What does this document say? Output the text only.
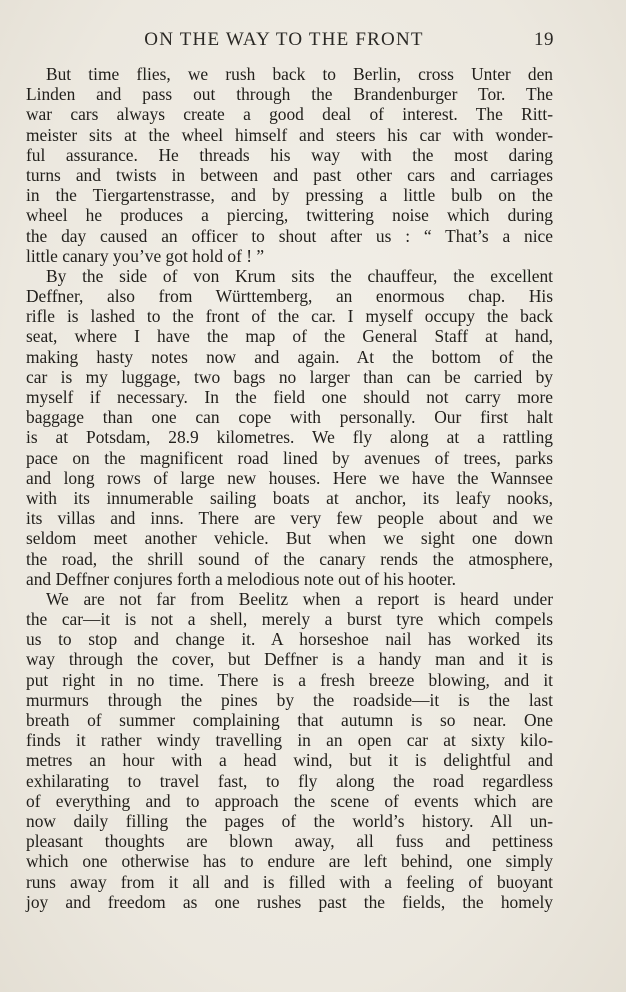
ON THE WAY TO THE FRONT	19
But time flies, we rush back to Berlin, cross Unter den
Linden and pass out through the Brandenburger Tor. The
war cars always create a good deal of interest. The Ritt-
meister sits at the wheel himself and steers his car with wonder-
ful assurance. He threads his way with the most daring
turns and twists in between and past other cars and carriages
in the Tiergartenstrasse, and by pressing a little bulb on the
wheel he produces a piercing, twittering noise which during
the day caused an officer to shout after us : “ That’s a nice
little canary you’ve got hold of ! ”
By the side of von Krum sits the chauffeur, the excellent
Deffner, also from Württemberg, an enormous chap. His
rifle is lashed to the front of the car. I myself occupy the back
seat, where I have the map of the General Staff at hand,
making hasty notes now and again. At the bottom of the
car is my luggage, two bags no larger than can be carried by
myself if necessary. In the field one should not carry more
baggage than one can cope with personally. Our first halt
is at Potsdam, 28.9 kilometres. We fly along at a rattling
pace on the magnificent road lined by avenues of trees, parks
and long rows of large new houses. Here we have the Wannsee
with its innumerable sailing boats at anchor, its leafy nooks,
its villas and inns. There are very few people about and we
seldom meet another vehicle. But when we sight one down
the road, the shrill sound of the canary rends the atmosphere,
and Deffner conjures forth a melodious note out of his hooter.
We are not far from Beelitz when a report is heard under
the car—it is not a shell, merely a burst tyre which compels
us to stop and change it. A horseshoe nail has worked its
way through the cover, but Deffner is a handy man and it is
put right in no time. There is a fresh breeze blowing, and it
murmurs through the pines by the roadside—it is the last
breath of summer complaining that autumn is so near. One
finds it rather windy travelling in an open car at sixty kilo-
metres an hour with a head wind, but it is delightful and
exhilarating to travel fast, to fly along the road regardless
of everything and to approach the scene of events which are
now daily filling the pages of the world’s history. All un-
pleasant thoughts are blown away, all fuss and pettiness
which one otherwise has to endure are left behind, one simply
runs away from it all and is filled with a feeling of buoyant
joy and freedom as one rushes past the fields, the homely
